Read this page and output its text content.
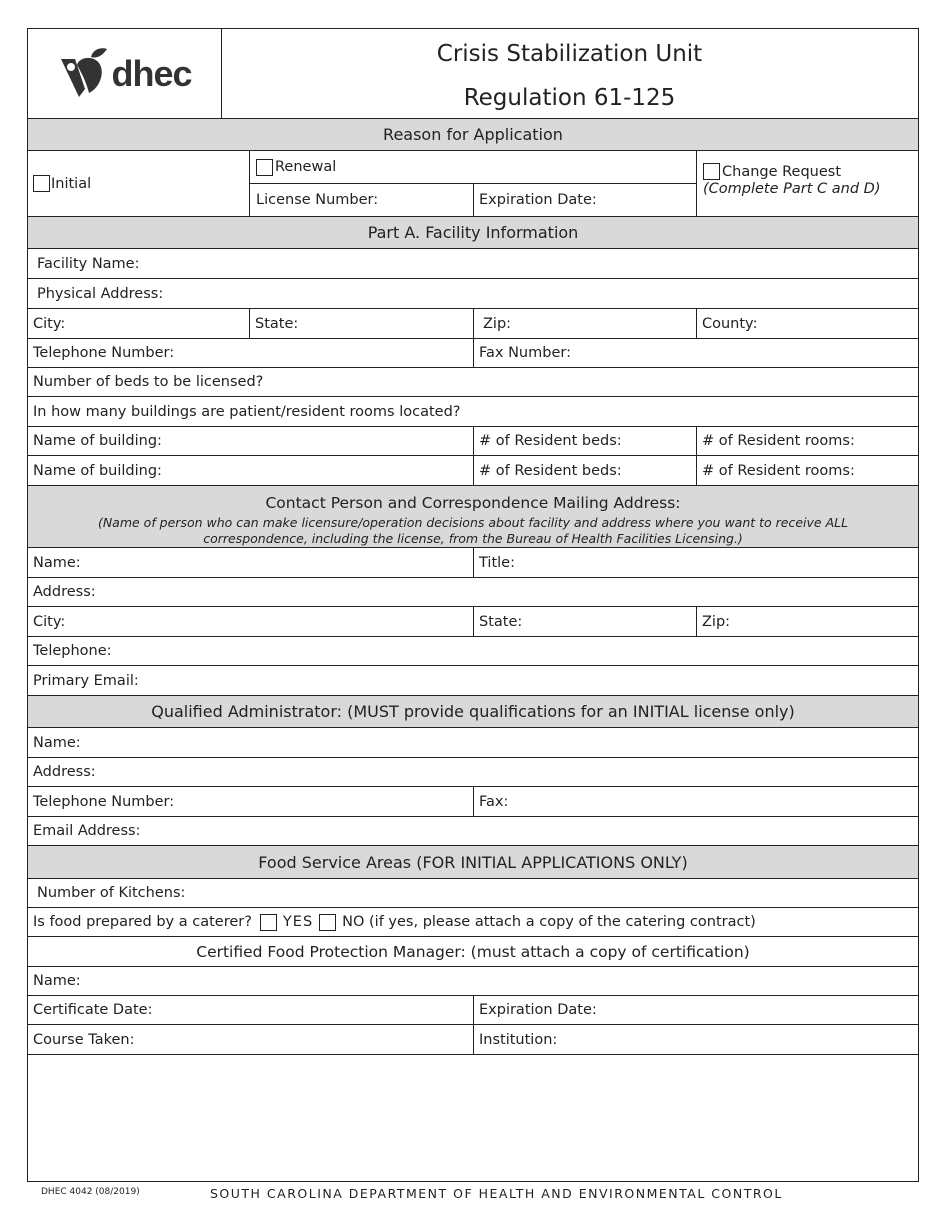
dhec	Crisis Stabilization Unit
Regulation 61-125
Reason for Application
Initial
Renewal
License Number:	Expiration Date:
Change Request
(Complete Part C and D)
Part A. Facility Information
Facility Name:
Physical Address:
City:	State:	Zip:	County:
Telephone Number:	Fax Number:
Number of beds to be licensed?
In how many buildings are patient/resident rooms located?
Name of building:	# of Resident beds:	# of Resident rooms:
Name of building:	# of Resident beds:	# of Resident rooms:
Contact Person and Correspondence Mailing Address:
(Name of person who can make licensure/operation decisions about facility and address where you want to receive ALL
correspondence, including the license, from the Bureau of Health Facilities Licensing.)
Name:	Title:
Address:
City:	State:	Zip:
Telephone:
Primary Email:
Qualified Administrator: (MUST provide qualifications for an INITIAL license only)
Name:
Address:
Telephone Number:	Fax:
Email Address:
Food Service Areas (FOR INITIAL APPLICATIONS ONLY)
Number of Kitchens:
Is food prepared by a caterer? YES NO (if yes, please attach a copy of the catering contract)
Certified Food Protection Manager: (must attach a copy of certification)
Name:
Certificate Date:	Expiration Date:
Course Taken:	Institution:
DHEC 4042 (08/2019)	SOUTH CAROLINA DEPARTMENT OF HEALTH AND ENVIRONMENTAL CONTROL
